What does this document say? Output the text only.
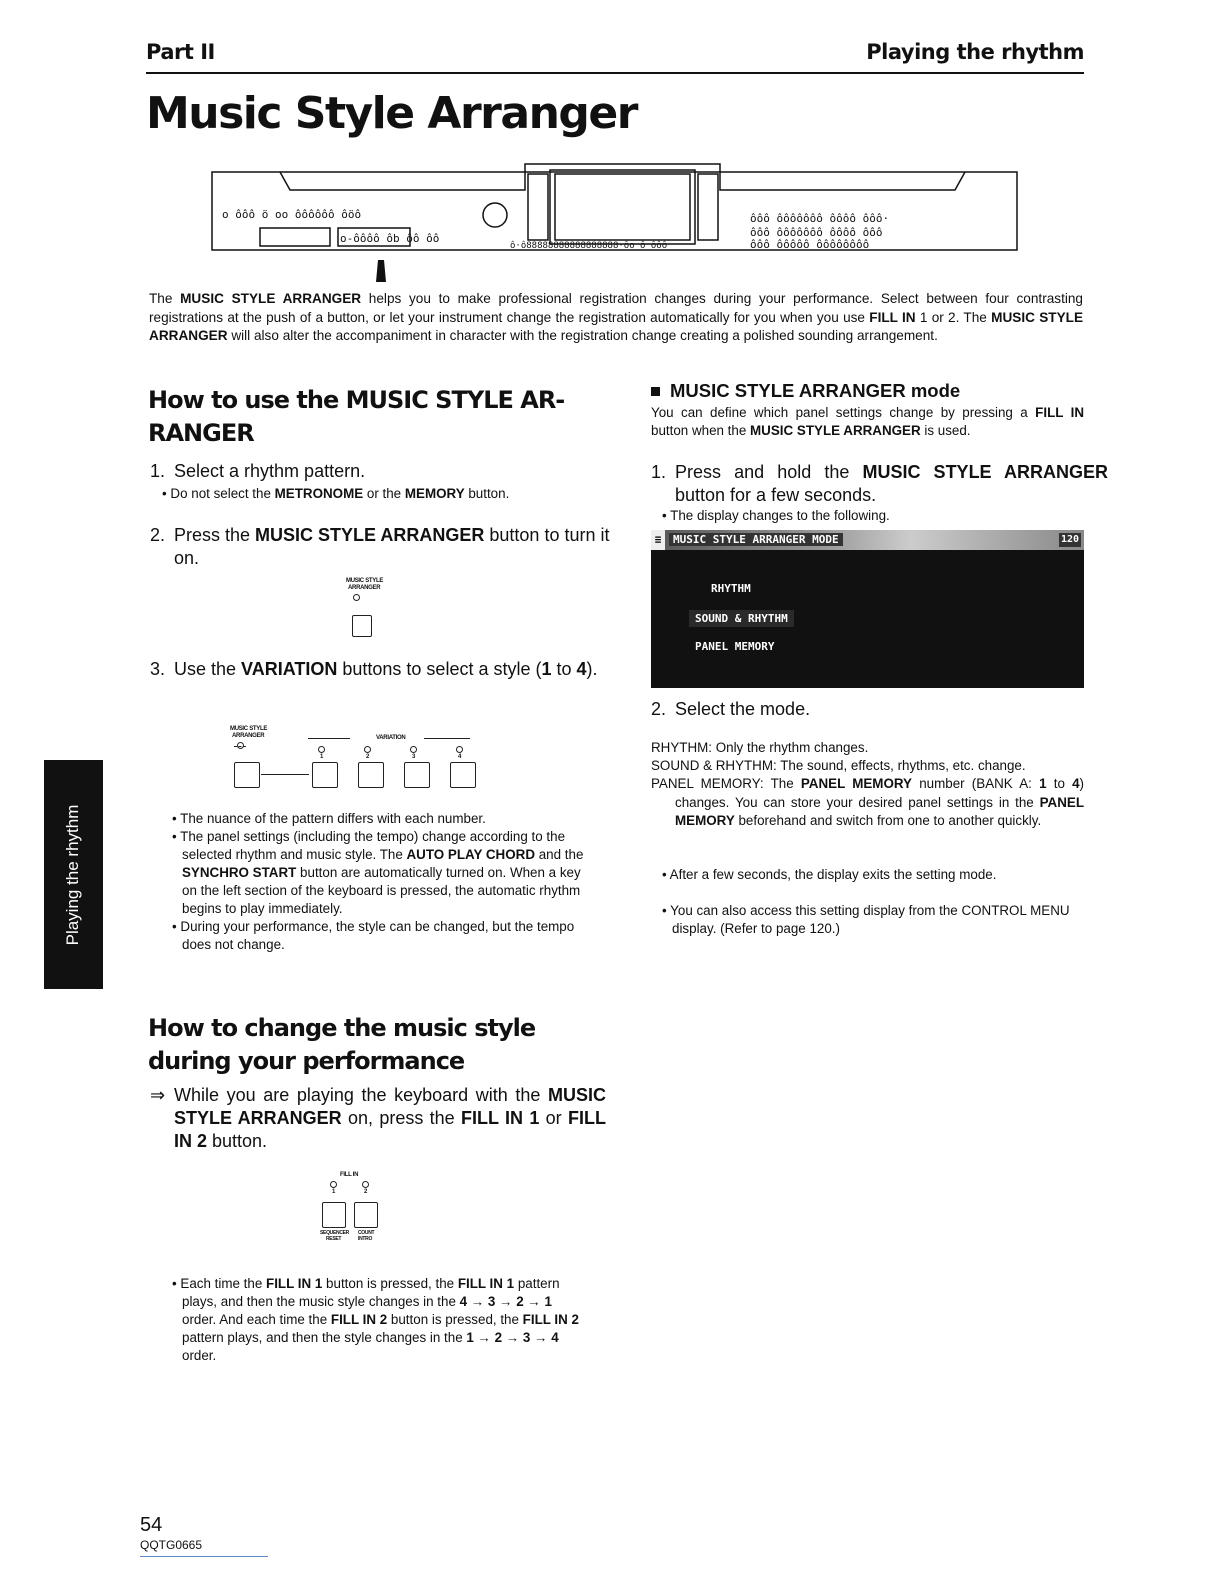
Part II	Playing the rhythm
Music Style Arranger
o ôôô ö oo ôôôôôô ôöô
o-ôôôô ôb ôô ôô
ô·ô88888888888888888·ôo ô ôôô
ôôô ôôôôôôô ôôôô ôôô·
ôôô ôôôôôôô ôôôô ôôô
ôôô ôôôôô ôôôôôôôô
The MUSIC STYLE ARRANGER helps you to make professional registration changes during your performance. Select between four contrasting registrations at the push of a button, or let your instrument change the registration automatically for you when you use FILL IN 1 or 2. The MUSIC STYLE ARRANGER will also alter the accompaniment in character with the registration change creating a polished sounding arrangement.
How to use the MUSIC STYLE AR-
RANGER
1. Select a rhythm pattern.
• Do not select the METRONOME or the MEMORY button.
2. Press the MUSIC STYLE ARRANGER button to turn it on.
MUSIC STYLE
ARRANGER
3. Use the VARIATION buttons to select a style (1 to 4).
MUSIC STYLE
ARRANGER	VARIATION
1	2	3	4
• The nuance of the pattern differs with each number.
• The panel settings (including the tempo) change according to the selected rhythm and music style. The AUTO PLAY CHORD and the SYNCHRO START button are automatically turned on. When a key on the left section of the keyboard is pressed, the automatic rhythm begins to play immediately.
• During your performance, the style can be changed, but the tempo does not change.
How to change the music style
during your performance
⇒ While you are playing the keyboard with the MUSIC STYLE ARRANGER on, press the FILL IN 1 or FILL IN 2 button.
FILL IN
1	2
SEQUENCER
RESET
COUNT
INTRO
• Each time the FILL IN 1 button is pressed, the FILL IN 1 pattern plays, and then the music style changes in the 4 → 3 → 2 → 1 order. And each time the FILL IN 2 button is pressed, the FILL IN 2 pattern plays, and then the style changes in the 1 → 2 → 3 → 4 order.
MUSIC STYLE ARRANGER mode
You can define which panel settings change by pressing a FILL IN button when the MUSIC STYLE ARRANGER is used.
1. Press and hold the MUSIC STYLE ARRANGER button for a few seconds.
• The display changes to the following.
≡ MUSIC STYLE ARRANGER MODE	120
RHYTHM
SOUND & RHYTHM
PANEL MEMORY
2. Select the mode.
RHYTHM: Only the rhythm changes.
SOUND & RHYTHM: The sound, effects, rhythms, etc. change.
PANEL MEMORY: The PANEL MEMORY number (BANK A: 1 to 4) changes. You can store your desired panel settings in the PANEL MEMORY beforehand and switch from one to another quickly.
• After a few seconds, the display exits the setting mode.
• You can also access this setting display from the CONTROL MENU display. (Refer to page 120.)
Playing the rhythm
54
QQTG0665
